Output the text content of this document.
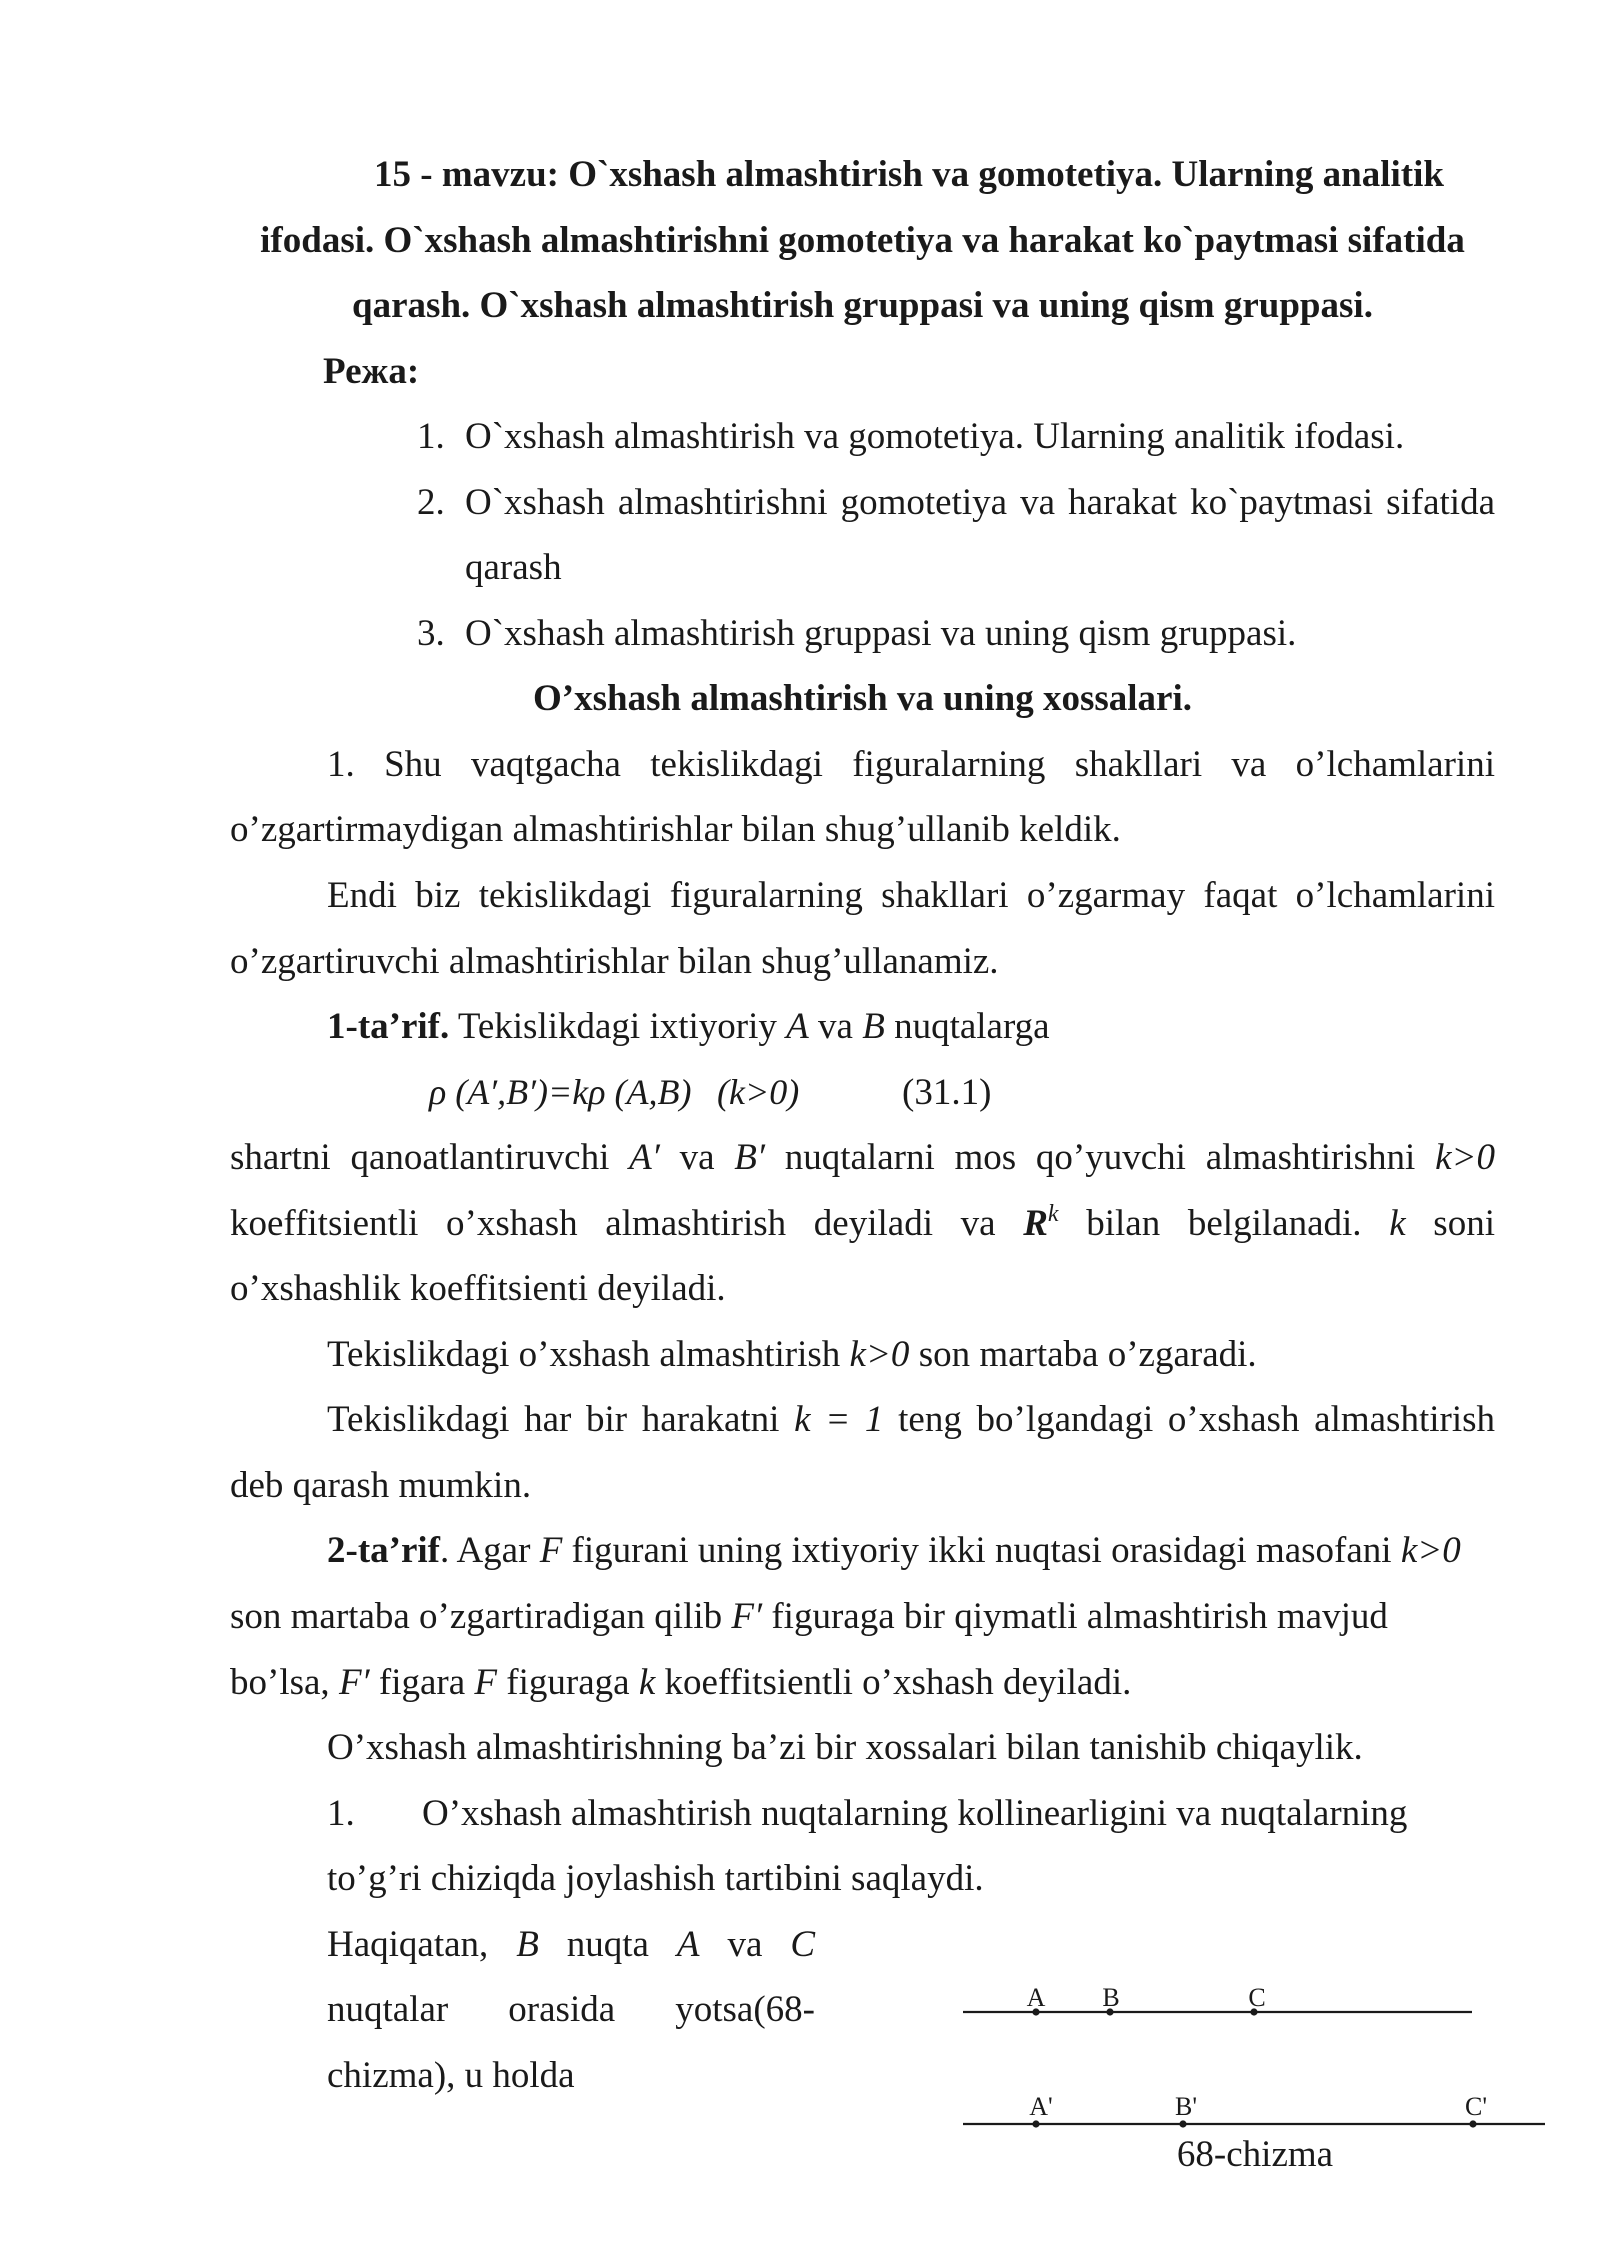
15 - mavzu: O`xshash almashtirish va gomotetiya. Ularning analitik
ifodasi. O`xshash almashtirishni gomotetiya va harakat ko`paytmasi sifatida
qarash. O`xshash almashtirish gruppasi va uning qism gruppasi.
Режа:
1. O`xshash almashtirish va gomotetiya. Ularning analitik ifodasi.
2. O`xshash almashtirishni gomotetiya va harakat ko`paytmasi sifatida
qarash
3. O`xshash almashtirish gruppasi va uning qism gruppasi.
O’xshash almashtirish va uning xossalari.
1. Shu vaqtgacha tekislikdagi figuralarning shakllari va o’lchamlarini
o’zgartirmaydigan almashtirishlar bilan shug’ullanib keldik.
Endi biz tekislikdagi figuralarning shakllari o’zgarmay faqat o’lchamlarini
o’zgartiruvchi almashtirishlar bilan shug’ullanamiz.
1-ta’rif. Tekislikdagi ixtiyoriy A va B nuqtalarga
ρ (A′,B′)=kρ (A,B) (k>0)	(31.1)
shartni qanoatlantiruvchi A′ va B′ nuqtalarni mos qo’yuvchi almashtirishni k>0
koeffitsientli o’xshash almashtirish deyiladi va $R^k$ bilan belgilanadi. k soni
o’xshashlik koeffitsienti deyiladi.
Tekislikdagi o’xshash almashtirish k>0 son martaba o’zgaradi.
Tekislikdagi har bir harakatni k = 1 teng bo’lgandagi o’xshash almashtirish
deb qarash mumkin.
2-ta’rif. Agar F figurani uning ixtiyoriy ikki nuqtasi orasidagi masofani k>0
son martaba o’zgartiradigan qilib F′ figuraga bir qiymatli almashtirish mavjud
bo’lsa, F′ figara F figuraga k koeffitsientli o’xshash deyiladi.
O’xshash almashtirishning ba’zi bir xossalari bilan tanishib chiqaylik.
1. O’xshash almashtirish nuqtalarning kollinearligini va nuqtalarning
to’g’ri chiziqda joylashish tartibini saqlaydi.
Haqiqatan, B nuqta A va C
nuqtalar orasida yotsa(68-
chizma), u holda
A B	C
A'	B'	C'
68-chizma
